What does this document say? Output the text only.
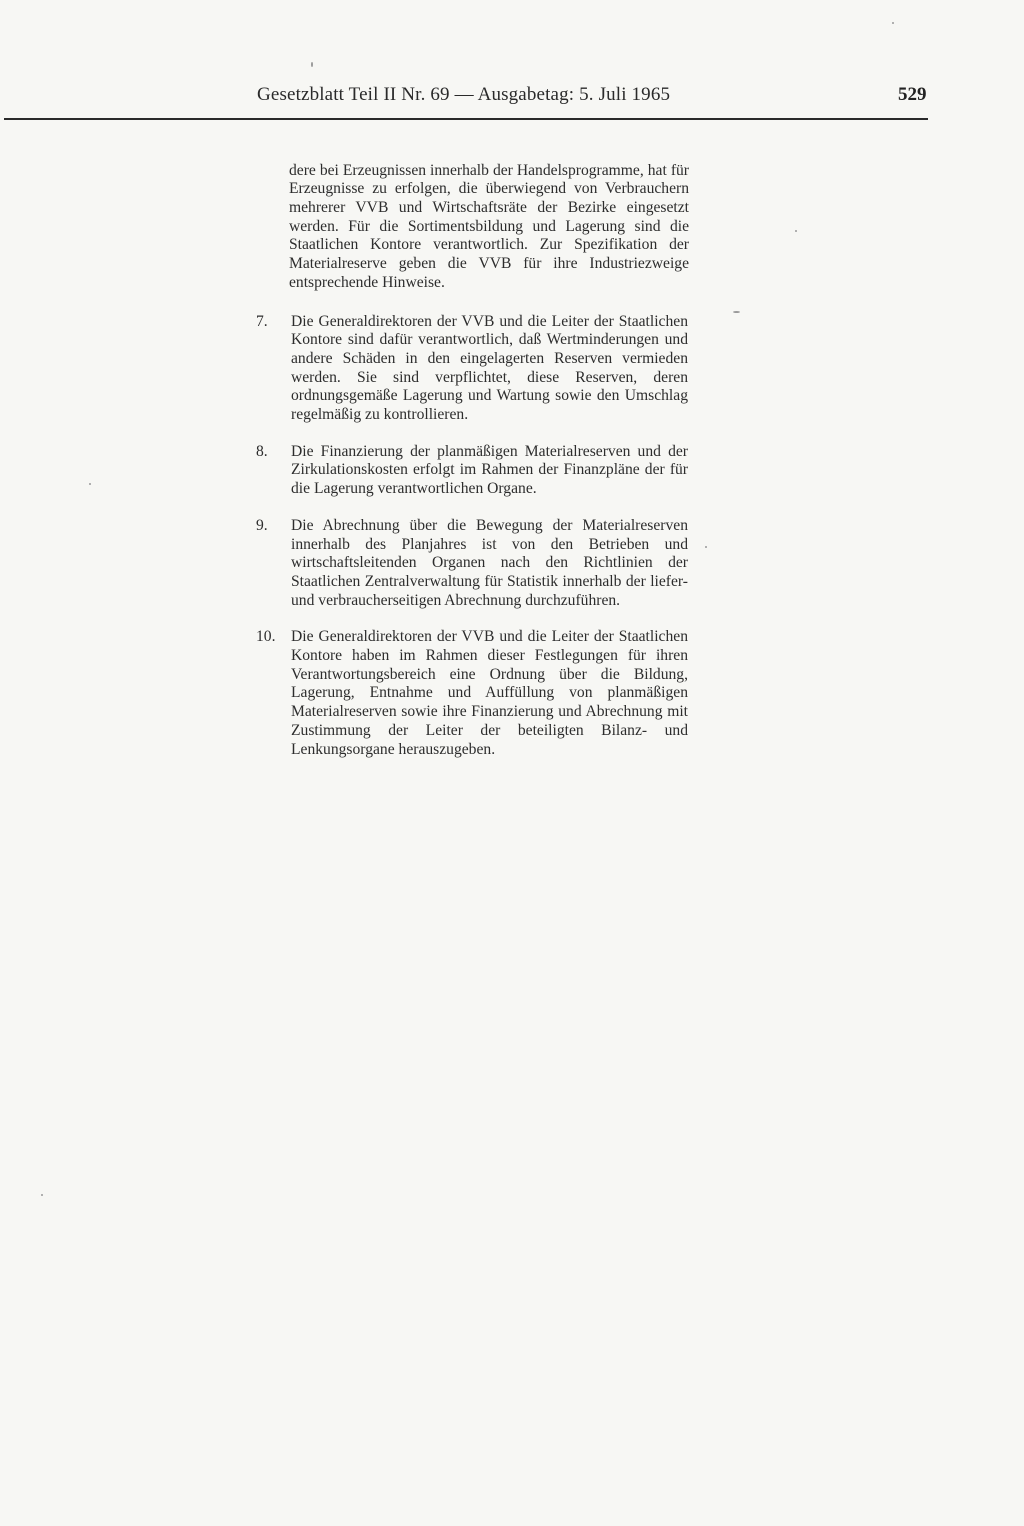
Gesetzblatt Teil II Nr. 69 — Ausgabetag: 5. Juli 1965	529

dere bei Erzeugnissen innerhalb der Handelsprogramme, hat für Erzeugnisse zu erfolgen, die überwiegend von Verbrauchern mehrerer VVB und Wirtschaftsräte der Bezirke eingesetzt werden. Für die Sortimentsbildung und Lagerung sind die Staatlichen Kontore verantwortlich. Zur Spezifikation der Materialreserve geben die VVB für ihre Industriezweige entsprechende Hinweise.

7.	Die Generaldirektoren der VVB und die Leiter der Staatlichen Kontore sind dafür verantwortlich, daß Wertminderungen und andere Schäden in den eingelagerten Reserven vermieden werden. Sie sind verpflichtet, diese Reserven, deren ordnungsgemäße Lagerung und Wartung sowie den Umschlag regelmäßig zu kontrollieren.
8.	Die Finanzierung der planmäßigen Materialreserven und der Zirkulationskosten erfolgt im Rahmen der Finanzpläne der für die Lagerung verantwortlichen Organe.
9.	Die Abrechnung über die Bewegung der Materialreserven innerhalb des Planjahres ist von den Betrieben und wirtschaftsleitenden Organen nach den Richtlinien der Staatlichen Zentralverwaltung für Statistik innerhalb der liefer- und verbraucherseitigen Abrechnung durchzuführen.
10. Die Generaldirektoren der VVB und die Leiter der Staatlichen Kontore haben im Rahmen dieser Festlegungen für ihren Verantwortungsbereich eine Ordnung über die Bildung, Lagerung, Entnahme und Auffüllung von planmäßigen Materialreserven sowie ihre Finanzierung und Abrechnung mit Zustimmung der Leiter der beteiligten Bilanz- und Lenkungsorgane herauszugeben.
